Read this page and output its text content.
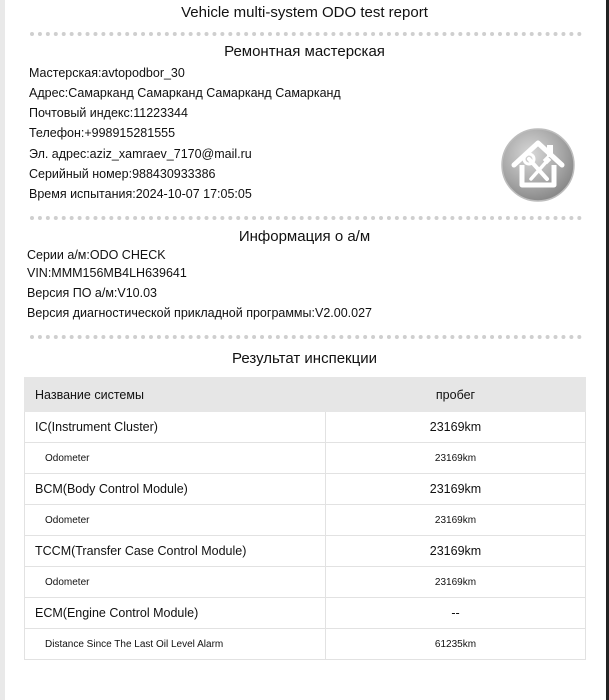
Vehicle multi-system ODO test report
Ремонтная мастерская
Мастерская:avtopodbor_30
Адрес:Самарканд Самарканд Самарканд Самарканд
Почтовый индекс:11223344
Телефон:+998915281555
Эл. адрес:aziz_xamraev_7170@mail.ru
Серийный номер:988430933386
Время испытания:2024-10-07 17:05:05
Информация о а/м
Серии а/м:ODO CHECK
VIN:MMM156MB4LH639641
Версия ПО а/м:V10.03
Версия диагностической прикладной программы:V2.00.027
Результат инспекции
Название системы	пробег
IC(Instrument Cluster)	23169km
Odometer	23169km
BCM(Body Control Module)	23169km
Odometer	23169km
TCCM(Transfer Case Control Module)	23169km
Odometer	23169km
ECM(Engine Control Module)	--
Distance Since The Last Oil Level Alarm	61235km
